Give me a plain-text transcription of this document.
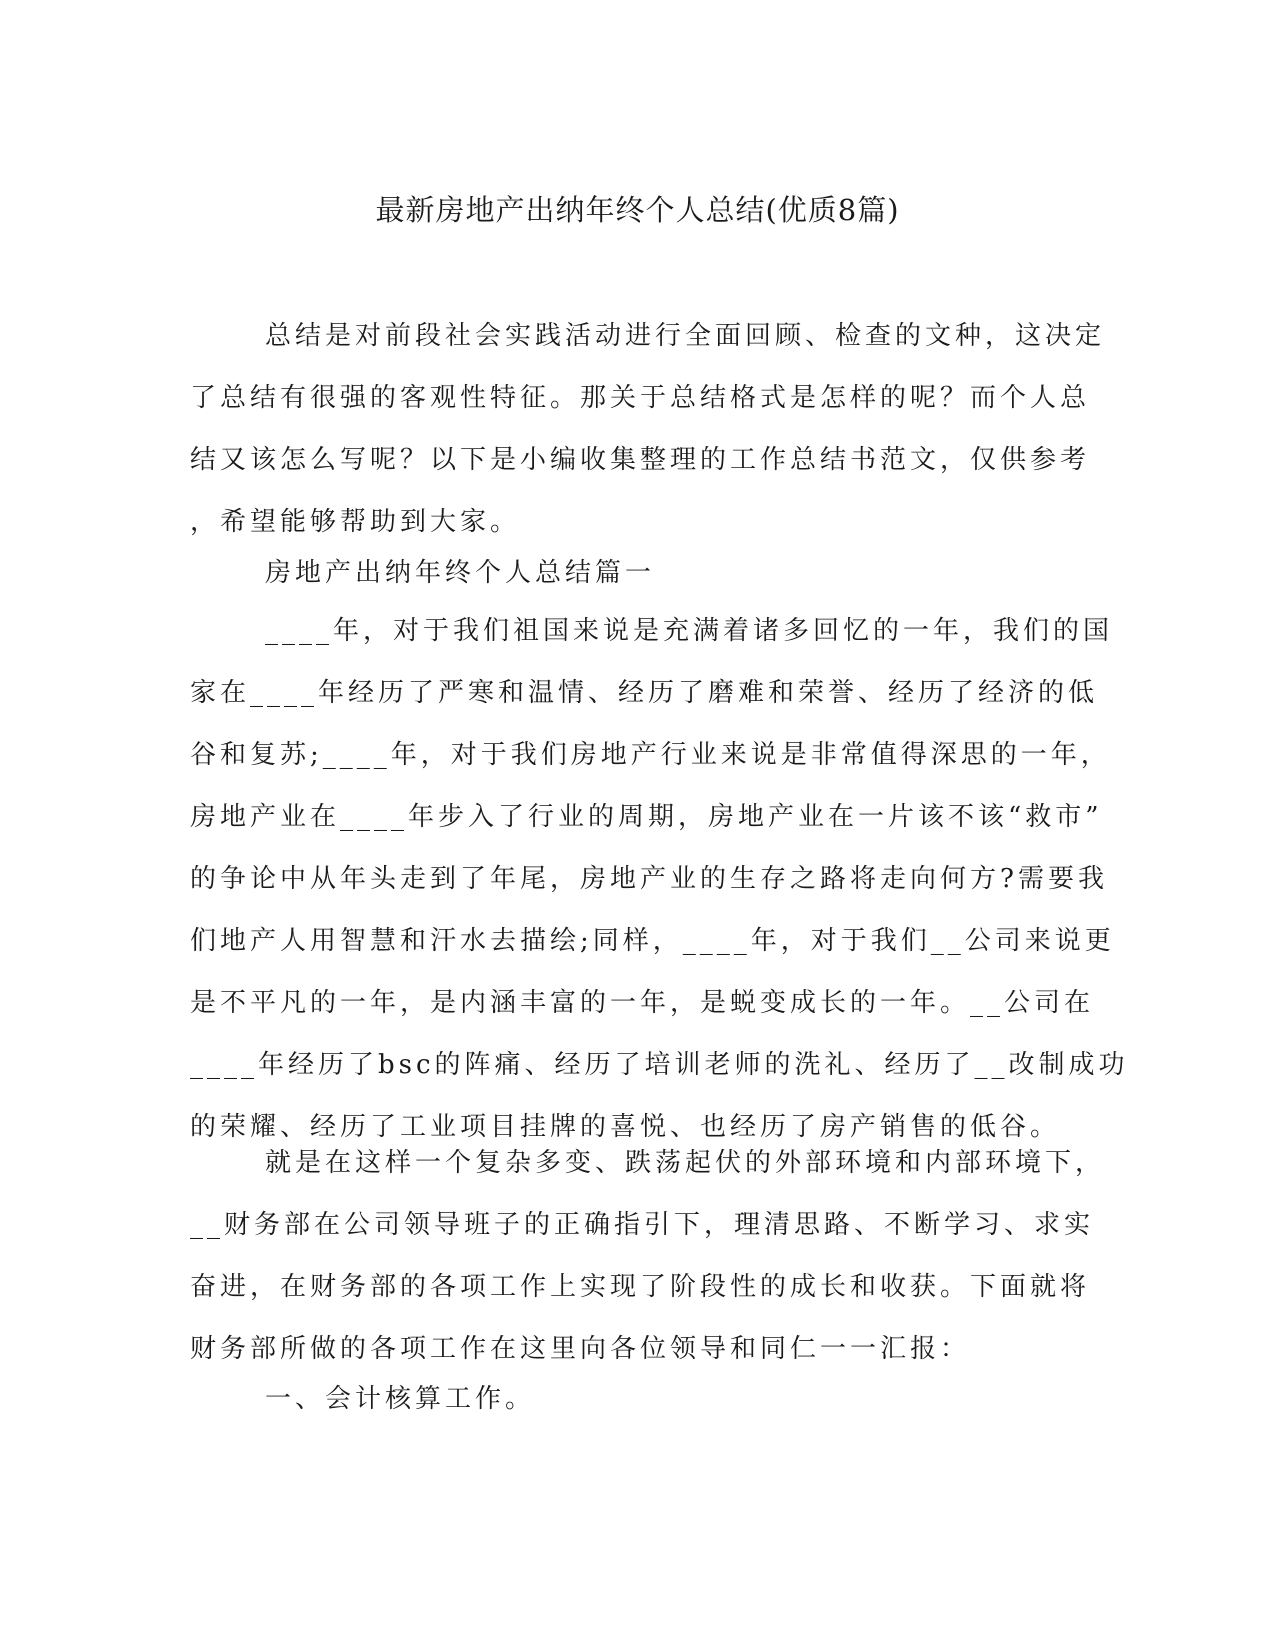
最新房地产出纳年终个人总结(优质8篇)

总结是对前段社会实践活动进行全面回顾、检查的文种，这决定
了总结有很强的客观性特征。那关于总结格式是怎样的呢？而个人总
结又该怎么写呢？以下是小编收集整理的工作总结书范文，仅供参考
，希望能够帮助到大家。

房地产出纳年终个人总结篇一

____年，对于我们祖国来说是充满着诸多回忆的一年，我们的国
家在____年经历了严寒和温情、经历了磨难和荣誉、经历了经济的低
谷和复苏;____年，对于我们房地产行业来说是非常值得深思的一年，
房地产业在____年步入了行业的周期，房地产业在一片该不该“救市”
的争论中从年头走到了年尾，房地产业的生存之路将走向何方?需要我
们地产人用智慧和汗水去描绘;同样，____年，对于我们__公司来说更
是不平凡的一年，是内涵丰富的一年，是蜕变成长的一年。__公司在
____年经历了bsc的阵痛、经历了培训老师的洗礼、经历了__改制成功
的荣耀、经历了工业项目挂牌的喜悦、也经历了房产销售的低谷。

就是在这样一个复杂多变、跌荡起伏的外部环境和内部环境下，
__财务部在公司领导班子的正确指引下，理清思路、不断学习、求实
奋进，在财务部的各项工作上实现了阶段性的成长和收获。下面就将
财务部所做的各项工作在这里向各位领导和同仁一一汇报：

一、会计核算工作。
